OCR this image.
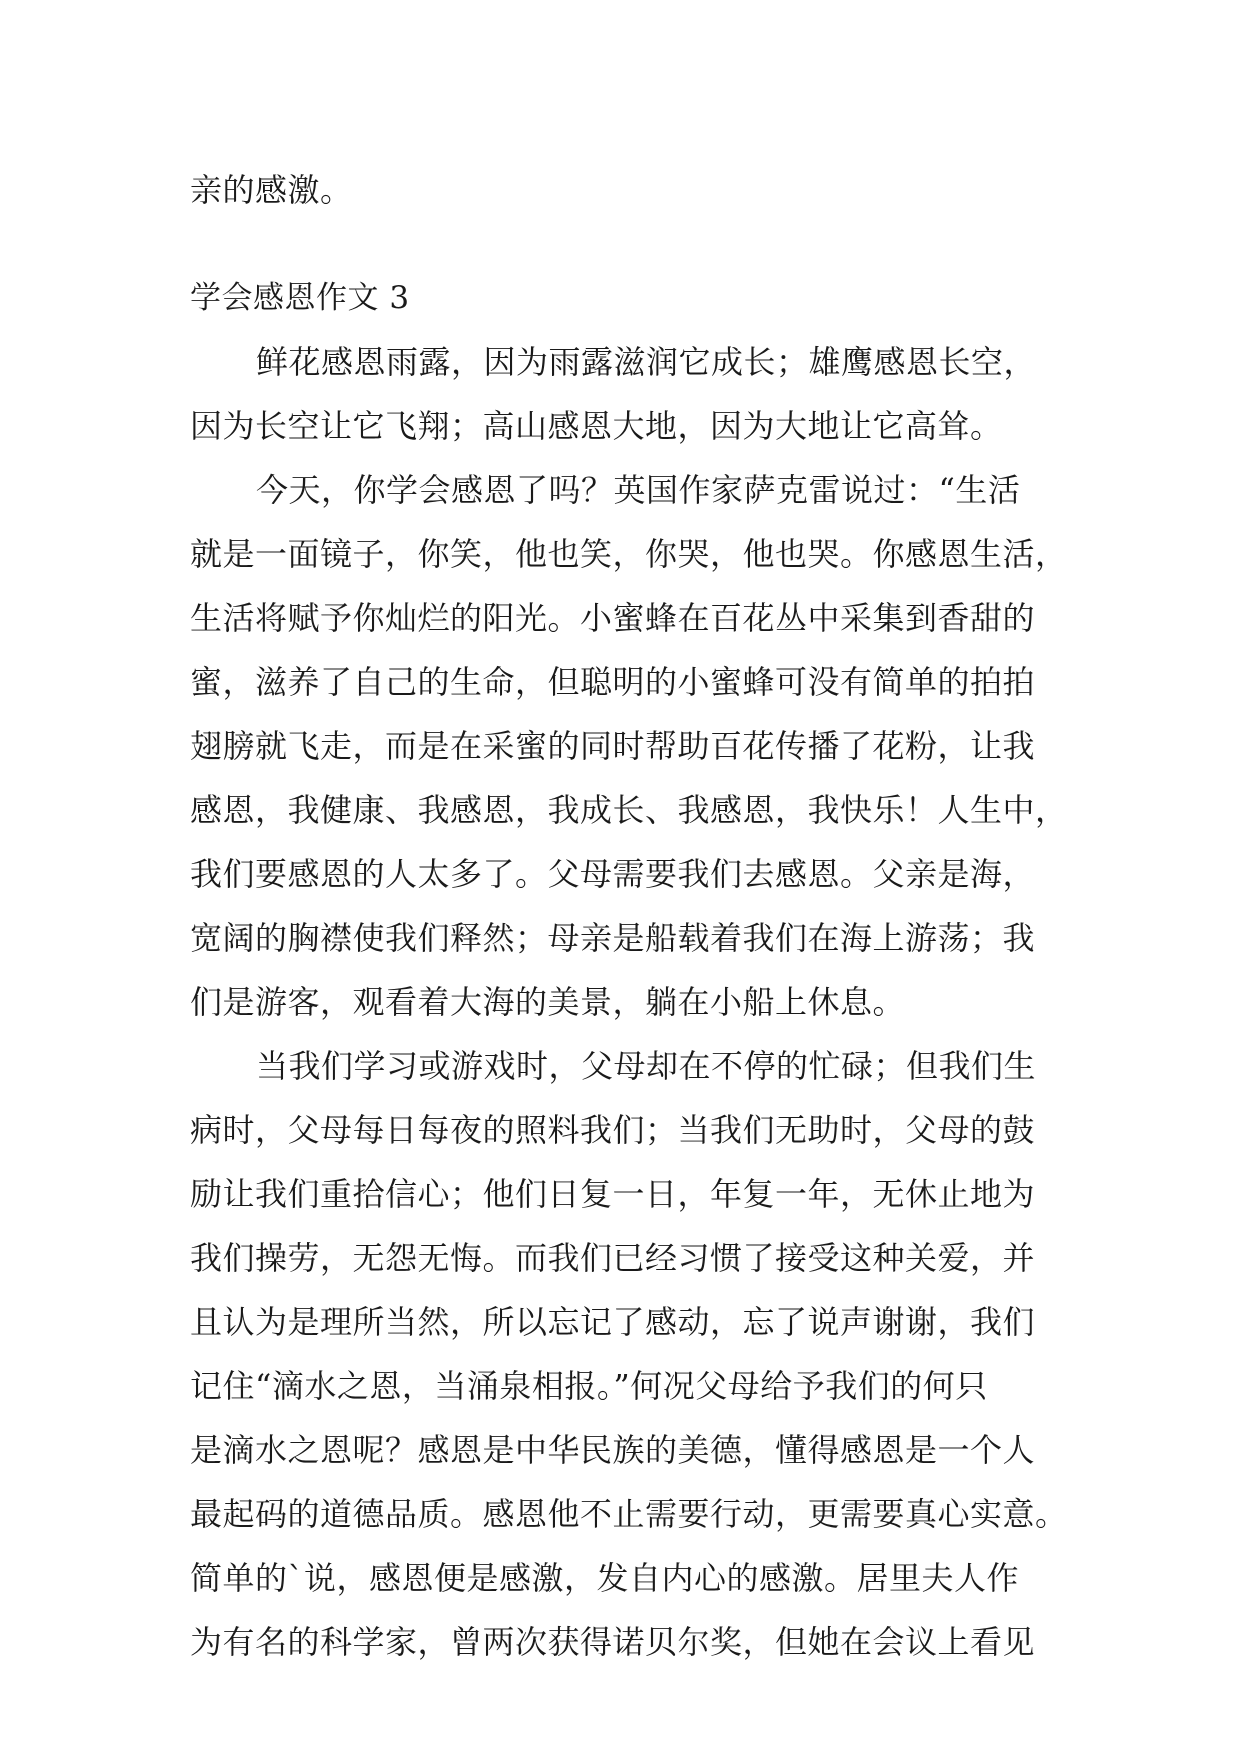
亲的感激。
学会感恩作文 3
鲜花感恩雨露，因为雨露滋润它成长；雄鹰感恩长空，
因为长空让它飞翔；高山感恩大地，因为大地让它高耸。
今天，你学会感恩了吗？英国作家萨克雷说过：“生活
就是一面镜子，你笑，他也笑，你哭，他也哭。你感恩生活，
生活将赋予你灿烂的阳光。小蜜蜂在百花丛中采集到香甜的
蜜，滋养了自己的生命，但聪明的小蜜蜂可没有简单的拍拍
翅膀就飞走，而是在采蜜的同时帮助百花传播了花粉，让我
感恩，我健康、我感恩，我成长、我感恩，我快乐！人生中，
我们要感恩的人太多了。父母需要我们去感恩。父亲是海，
宽阔的胸襟使我们释然；母亲是船载着我们在海上游荡；我
们是游客，观看着大海的美景，躺在小船上休息。
当我们学习或游戏时，父母却在不停的忙碌；但我们生
病时，父母每日每夜的照料我们；当我们无助时，父母的鼓
励让我们重拾信心；他们日复一日，年复一年，无休止地为
我们操劳，无怨无悔。而我们已经习惯了接受这种关爱，并
且认为是理所当然，所以忘记了感动，忘了说声谢谢，我们
记住“滴水之恩，当涌泉相报。”何况父母给予我们的何只
是滴水之恩呢？感恩是中华民族的美德，懂得感恩是一个人
最起码的道德品质。感恩他不止需要行动，更需要真心实意。
简单的`说，感恩便是感激，发自内心的感激。居里夫人作
为有名的科学家，曾两次获得诺贝尔奖，但她在会议上看见
